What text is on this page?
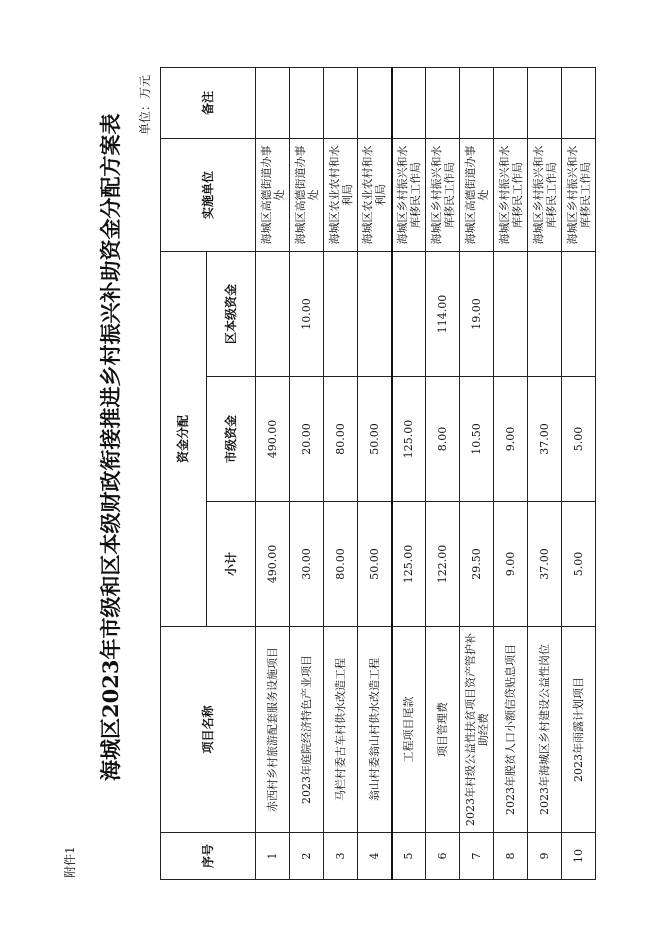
附件1
海城区2023年市级和区本级财政衔接推进乡村振兴补助资金分配方案表
单位：万元
序号	项目名称	资金分配			实施单位	备注
		小计	市级资金	区本级资金		
1	赤西村乡村旅游配套服务设施项目	490.00	490.00		海城区高德街道办事处	
2	2023年庭院经济特色产业项目	30.00	20.00	10.00	海城区高德街道办事处	
3	马栏村委古车村供水改造工程	80.00	80.00		海城区农业农村和水利局	
4	翁山村委翁山村供水改造工程	50.00	50.00		海城区农业农村和水利局	
5	工程项目尾款	125.00	125.00		海城区乡村振兴和水库移民工作局	
6	项目管理费	122.00	8.00	114.00	海城区乡村振兴和水库移民工作局	
7	2023年村级公益性扶贫项目资产管护补助经费	29.50	10.50	19.00	海城区高德街道办事处	
8	2023年脱贫人口小额信贷贴息项目	9.00	9.00		海城区乡村振兴和水库移民工作局	
9	2023年海城区乡村建设公益性岗位	37.00	37.00		海城区乡村振兴和水库移民工作局	
10	2023年雨露计划项目	5.00	5.00		海城区乡村振兴和水库移民工作局	
